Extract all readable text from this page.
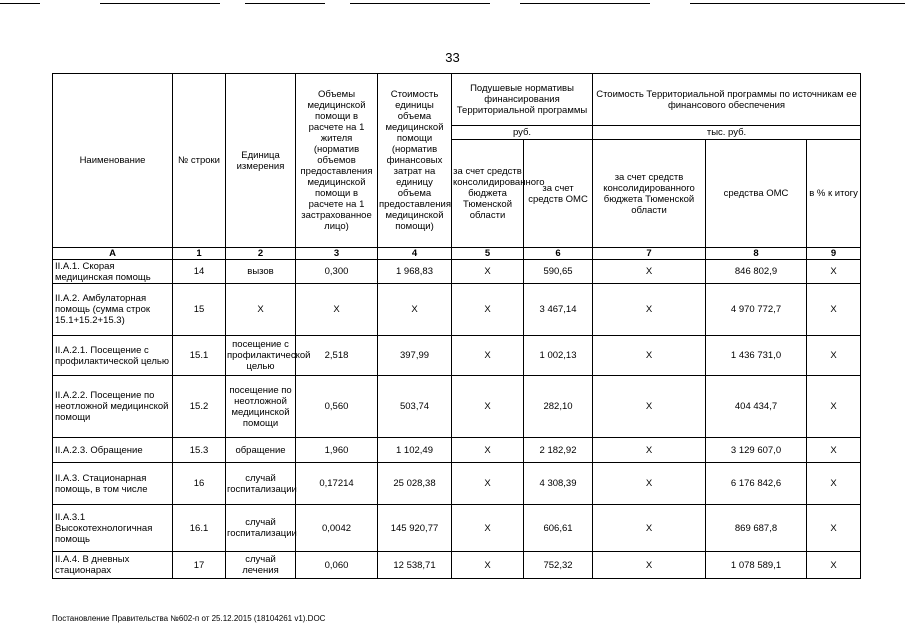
33
Наименование	№ строки	Единица измерения	Объемы медицинской помощи в расчете на 1 жителя (норматив объемов предоставления медицинской помощи в расчете на 1 застрахованное лицо)	Стоимость единицы объема медицинской помощи (норматив финансовых затрат на единицу объема предоставления медицинской помощи)	Подушевые нормативы финансирования Территориальной программы		Стоимость Территориальной программы по источникам ее финансового обеспечения		
					руб.		тыс. руб.		
					за счет средств консолидированного бюджета Тюменской области	за счет средств ОМС	за счет средств консолидированного бюджета Тюменской области	средства ОМС	в % к итогу
А	1	2	3	4	5	6	7	8	9
II.А.1. Скорая медицинская помощь	14	вызов	0,300	1 968,83	Х	590,65	Х	846 802,9	Х
II.А.2. Амбулаторная помощь (сумма строк 15.1+15.2+15.3)	15	Х	Х	Х	Х	3 467,14	Х	4 970 772,7	Х
II.А.2.1. Посещение с профилактической целью	15.1	посещение с профилактической целью	2,518	397,99	Х	1 002,13	Х	1 436 731,0	Х
II.А.2.2. Посещение по неотложной медицинской помощи	15.2	посещение по неотложной медицинской помощи	0,560	503,74	Х	282,10	Х	404 434,7	Х
II.А.2.3. Обращение	15.3	обращение	1,960	1 102,49	Х	2 182,92	Х	3 129 607,0	Х
II.А.3. Стационарная помощь, в том числе	16	случай госпитализации	0,17214	25 028,38	Х	4 308,39	Х	6 176 842,6	Х
II.А.3.1 Высокотехнологичная помощь	16.1	случай госпитализации	0,0042	145 920,77	Х	606,61	Х	869 687,8	Х
II.А.4. В дневных стационарах	17	случай лечения	0,060	12 538,71	Х	752,32	Х	1 078 589,1	Х
Постановление Правительства №602-п от 25.12.2015 (18104261 v1).DOC
